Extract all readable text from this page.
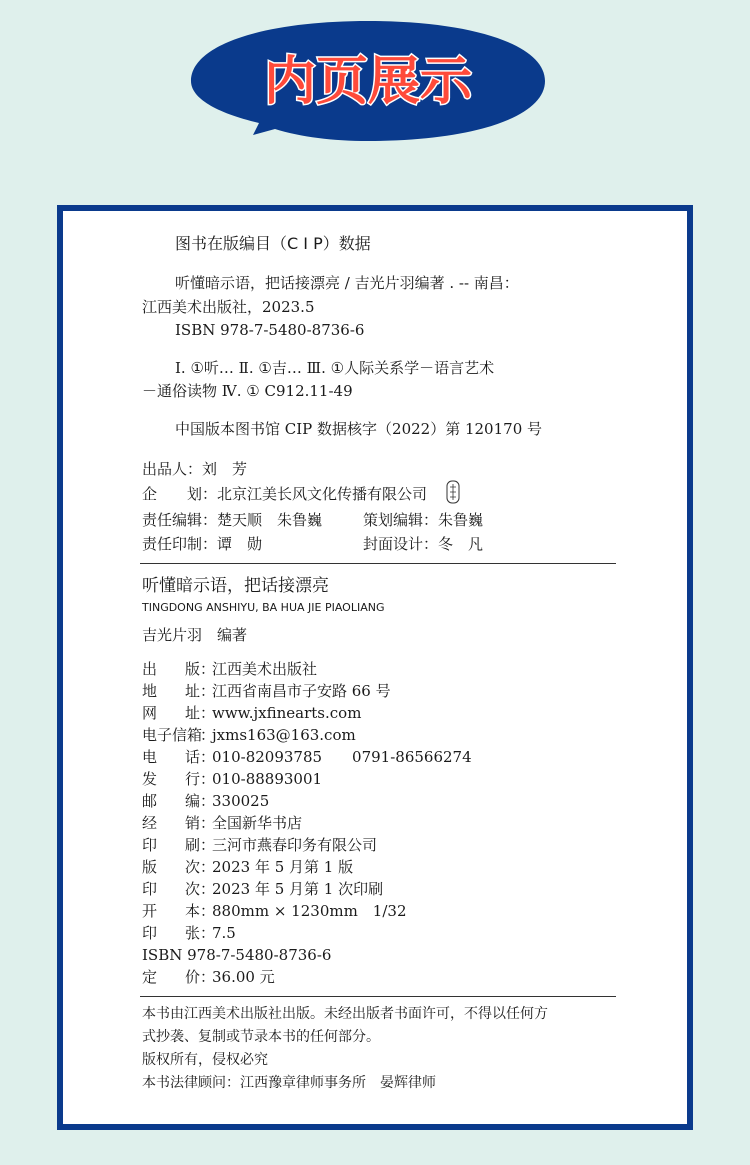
内页展示
图书在版编目（C I P）数据
听懂暗示语，把话接漂亮 / 吉光片羽编著 . -- 南昌：
江西美术出版社，2023.5
ISBN 978-7-5480-8736-6
Ⅰ. ①听… Ⅱ. ①吉… Ⅲ. ①人际关系学－语言艺术
－通俗读物 Ⅳ. ① C912.11-49
中国版本图书馆 CIP 数据核字（2022）第 120170 号
出品人：刘　芳
企　　划：北京江美长风文化传播有限公司
责任编辑：楚天顺　朱鲁巍	策划编辑：朱鲁巍
责任印制：谭　勋	封面设计：冬　凡
听懂暗示语，把话接漂亮
TINGDONG ANSHIYU, BA HUA JIE PIAOLIANG
吉光片羽　编著
出版：江西美术出版社
地址：江西省南昌市子安路 66 号
网址：www.jxfinearts.com
电子信箱：jxms163@163.com
电话：010-82093785　　0791-86566274
发行：010-88893001
邮编：330025
经销：全国新华书店
印刷：三河市燕春印务有限公司
版次：2023 年 5 月第 1 版
印次：2023 年 5 月第 1 次印刷
开本：880mm × 1230mm　1/32
印张：7.5
ISBN 978-7-5480-8736-6
定价：36.00 元
本书由江西美术出版社出版。未经出版者书面许可，不得以任何方
式抄袭、复制或节录本书的任何部分。
版权所有，侵权必究
本书法律顾问：江西豫章律师事务所　晏辉律师
